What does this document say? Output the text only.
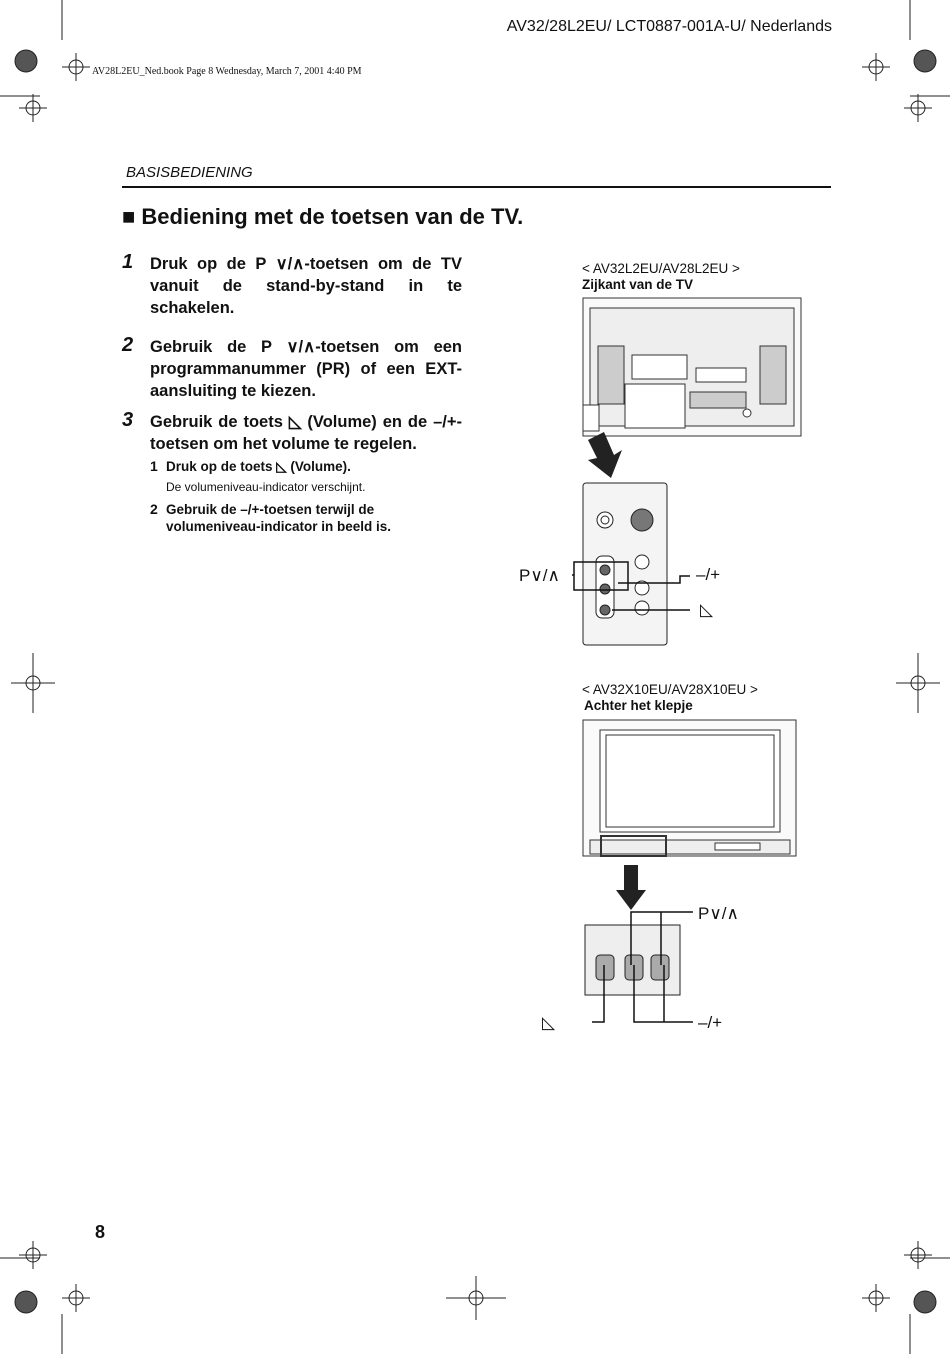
AV32/28L2EU/ LCT0887-001A-U/ Nederlands
AV28L2EU_Ned.book Page 8 Wednesday, March 7, 2001 4:40 PM
BASISBEDIENING
■ Bediening met de toetsen van de TV.
1 Druk op de P ∨/∧-toetsen om de TV vanuit de stand-by-stand in te schakelen.
2 Gebruik de P ∨/∧-toetsen om een programmanummer (PR) of een EXT-aansluiting te kiezen.
3 Gebruik de toets ◺ (Volume) en de –/+-toetsen om het volume te regelen.
1 Druk op de toets ◺ (Volume).
De volumeniveau-indicator verschijnt.
2 Gebruik de –/+-toetsen terwijl de volumeniveau-indicator in beeld is.
< AV32L2EU/AV28L2EU >
Zijkant van de TV
P∨/∧	–/+
◺
< AV32X10EU/AV28X10EU >
Achter het klepje
P∨/∧
–/+
◺
8
